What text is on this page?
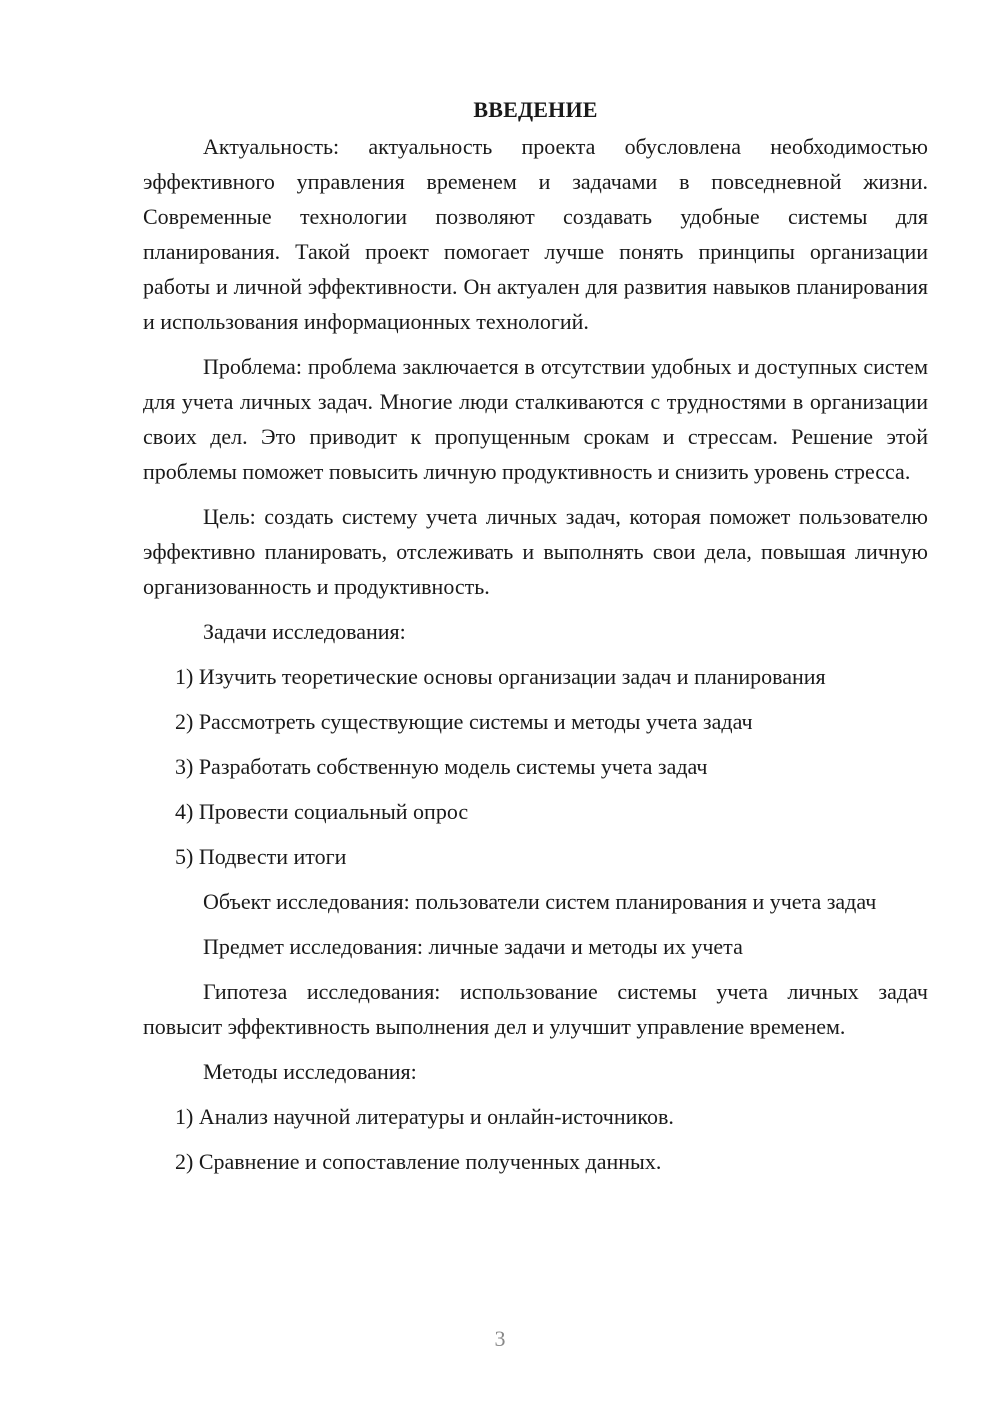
ВВЕДЕНИЕ

Актуальность: актуальность проекта обусловлена необходимостью эффективного управления временем и задачами в повседневной жизни. Современные технологии позволяют создавать удобные системы для планирования. Такой проект помогает лучше понять принципы организации работы и личной эффективности. Он актуален для развития навыков планирования и использования информационных технологий.

Проблема: проблема заключается в отсутствии удобных и доступных систем для учета личных задач. Многие люди сталкиваются с трудностями в организации своих дел. Это приводит к пропущенным срокам и стрессам. Решение этой проблемы поможет повысить личную продуктивность и снизить уровень стресса.

Цель: создать систему учета личных задач, которая поможет пользователю эффективно планировать, отслеживать и выполнять свои дела, повышая личную организованность и продуктивность.

Задачи исследования:

1) Изучить теоретические основы организации задач и планирования

2) Рассмотреть существующие системы и методы учета задач

3) Разработать собственную модель системы учета задач

4) Провести социальный опрос

5) Подвести итоги

Объект исследования: пользователи систем планирования и учета задач

Предмет исследования: личные задачи и методы их учета

Гипотеза исследования: использование системы учета личных задач повысит эффективность выполнения дел и улучшит управление временем.

Методы исследования:

1) Анализ научной литературы и онлайн-источников.

2) Сравнение и сопоставление полученных данных.

3
